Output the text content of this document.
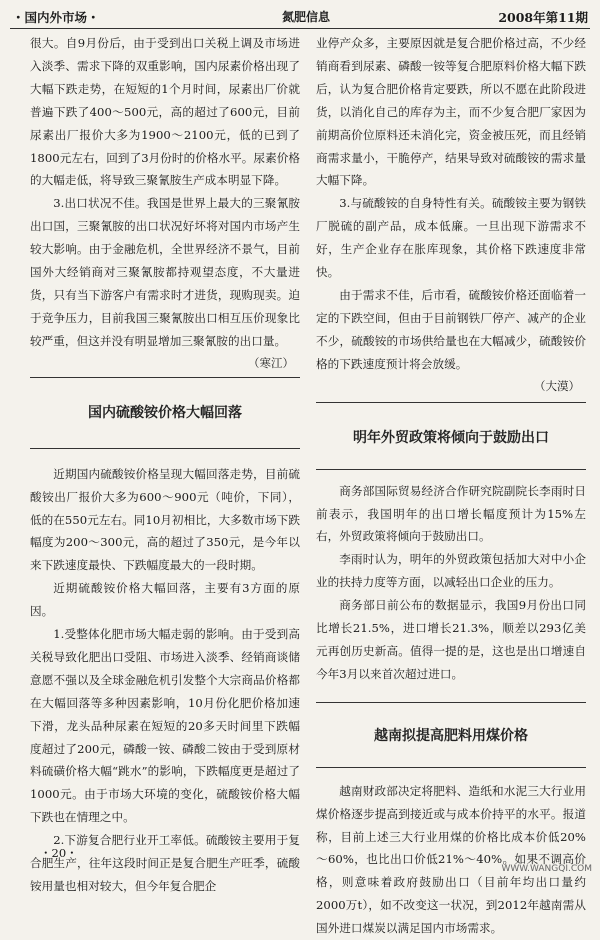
・国内外市场・	氮肥信息	2008年第11期

很大。自9月份后，由于受到出口关税上调及市场进入淡季、需求下降的双重影响，国内尿素价格出现了大幅下跌走势，在短短的1个月时间，尿素出厂价就普遍下跌了400～500元，高的超过了600元，目前尿素出厂报价大多为1900～2100元，低的已到了1800元左右，回到了3月份时的价格水平。尿素价格的大幅走低，将导致三聚氰胺生产成本明显下降。

3.出口状况不佳。我国是世界上最大的三聚氰胺出口国，三聚氰胺的出口状况好坏将对国内市场产生较大影响。由于金融危机，全世界经济不景气，目前国外大经销商对三聚氰胺都持观望态度，不大量进货，只有当下游客户有需求时才进货，现购现卖。迫于竞争压力，目前我国三聚氰胺出口相互压价现象比较严重，但这并没有明显增加三聚氰胺的出口量。

（寒江）

国内硫酸铵价格大幅回落

近期国内硫酸铵价格呈现大幅回落走势，目前硫酸铵出厂报价大多为600～900元（吨价，下同），低的在550元左右。同10月初相比，大多数市场下跌幅度为200～300元，高的超过了350元，是今年以来下跌速度最快、下跌幅度最大的一段时期。

近期硫酸铵价格大幅回落，主要有3方面的原因。

1.受整体化肥市场大幅走弱的影响。由于受到高关税导致化肥出口受阻、市场进入淡季、经销商谈储意愿不强以及全球金融危机引发整个大宗商品价格都在大幅回落等多种因素影响，10月份化肥价格加速下滑，龙头品种尿素在短短的20多天时间里下跌幅度超过了200元，磷酸一铵、磷酸二铵由于受到原材料硫磺价格大幅“跳水”的影响，下跌幅度更是超过了1000元。由于市场大环境的变化，硫酸铵价格大幅下跌也在情理之中。

2.下游复合肥行业开工率低。硫酸铵主要用于复合肥生产，往年这段时间正是复合肥生产旺季，硫酸铵用量也相对较大，但今年复合肥企

业停产众多，主要原因就是复合肥价格过高，不少经销商看到尿素、磷酸一铵等复合肥原料价格大幅下跌后，认为复合肥价格肯定要跌，所以不愿在此阶段进货，以消化自己的库存为主，而不少复合肥厂家因为前期高价位原料还未消化完，资金被压死，而且经销商需求量小，干脆停产，结果导致对硫酸铵的需求量大幅下降。

3.与硫酸铵的自身特性有关。硫酸铵主要为钢铁厂脱硫的副产品，成本低廉。一旦出现下游需求不好，生产企业存在胀库现象，其价格下跌速度非常快。

由于需求不佳，后市看，硫酸铵价格还面临着一定的下跌空间，但由于目前钢铁厂停产、减产的企业不少，硫酸铵的市场供给量也在大幅减少，硫酸铵价格的下跌速度预计将会放缓。

（大漠）

明年外贸政策将倾向于鼓励出口

商务部国际贸易经济合作研究院副院长李雨时日前表示，我国明年的出口增长幅度预计为15%左右，外贸政策将倾向于鼓励出口。

李雨时认为，明年的外贸政策包括加大对中小企业的扶持力度等方面，以减轻出口企业的压力。

商务部日前公布的数据显示，我国9月份出口同比增长21.5%，进口增长21.3%，顺差以293亿美元再创历史新高。值得一提的是，这也是出口增速自今年3月以来首次超过进口。

越南拟提高肥料用煤价格

越南财政部决定将肥料、造纸和水泥三大行业用煤价格逐步提高到接近或与成本价持平的水平。报道称，目前上述三大行业用煤的价格比成本价低20%～60%，也比出口价低21%～40%。如果不调高价格，则意味着政府鼓励出口（目前年均出口量约2000万t），如不改变这一状况，到2012年越南需从国外进口煤炭以满足国内市场需求。

・20・
WWW.WANGQI.COM
